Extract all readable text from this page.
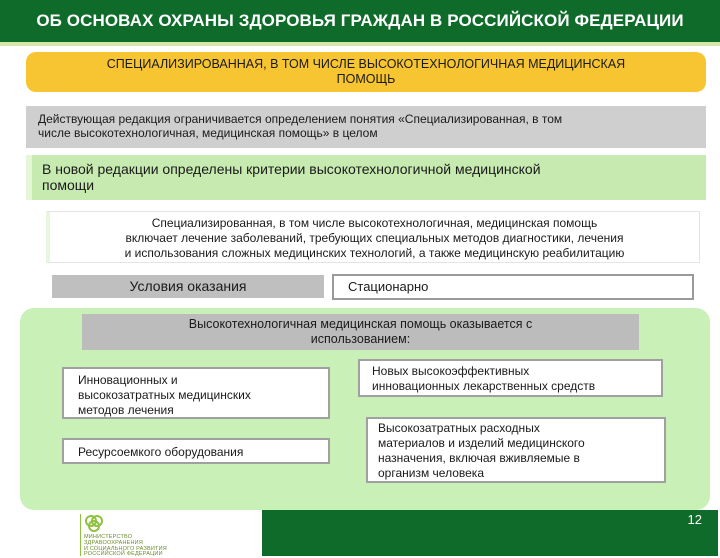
ОБ ОСНОВАХ ОХРАНЫ ЗДОРОВЬЯ ГРАЖДАН В РОССИЙСКОЙ ФЕДЕРАЦИИ
СПЕЦИАЛИЗИРОВАННАЯ, В ТОМ ЧИСЛЕ ВЫСОКОТЕХНОЛОГИЧНАЯ МЕДИЦИНСКАЯ
ПОМОЩЬ
Действующая редакция ограничивается определением понятия «Специализированная, в том
числе высокотехнологичная, медицинская помощь» в целом
В новой редакции определены критерии высокотехнологичной медицинской
помощи
Специализированная, в том числе высокотехнологичная, медицинская помощь
включает лечение заболеваний, требующих специальных методов диагностики, лечения
и использования сложных медицинских технологий, а также медицинскую реабилитацию
Условия оказания	Стационарно
Высокотехнологичная медицинская помощь оказывается с
использованием:
Инновационных и
высокозатратных медицинских
методов лечения
Ресурсоемкого оборудования
Новых высокоэффективных
инновационных лекарственных средств
Высокозатратных расходных
материалов и изделий медицинского
назначения, включая вживляемые в
организм человека
12
МИНИСТЕРСТВО
ЗДРАВООХРАНЕНИЯ
И СОЦИАЛЬНОГО РАЗВИТИЯ
РОССИЙСКОЙ ФЕДЕРАЦИИ
